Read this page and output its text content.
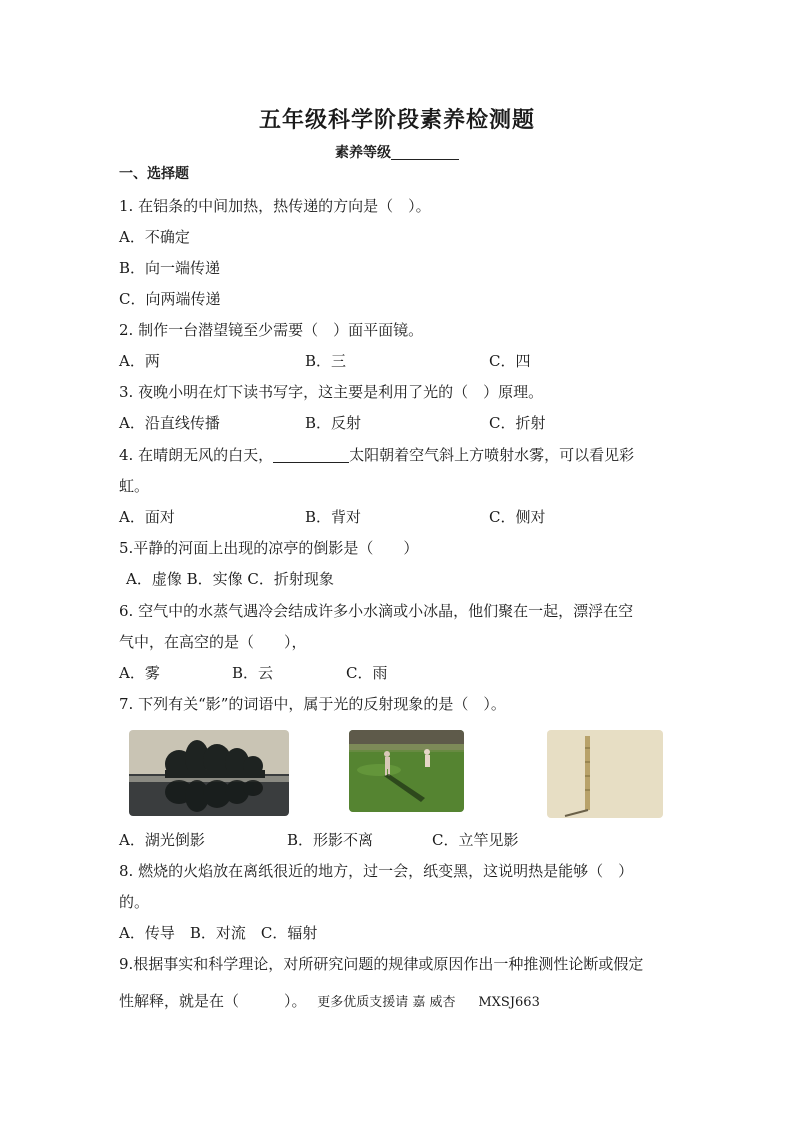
五年级科学阶段素养检测题
素养等级
一、选择题
1. 在铝条的中间加热，热传递的方向是（　）。
A．不确定
B．向一端传递
C．向两端传递
2. 制作一台潜望镜至少需要（　）面平面镜。
A．两	B．三	C．四
3. 夜晚小明在灯下读书写字，这主要是利用了光的（　）原理。
A．沿直线传播	B．反射	C．折射
4. 在晴朗无风的白天，	太阳朝着空气斜上方喷射水雾，可以看见彩
虹。
A．面对	B．背对	C．侧对
5.平静的河面上出现的凉亭的倒影是（　　）
A．虚像 B．实像 C．折射现象
6. 空气中的水蒸气遇冷会结成许多小水滴或小冰晶，他们聚在一起，漂浮在空
气中，在高空的是（　　），
A．雾	B．云	C．雨
7. 下列有关“影”的词语中，属于光的反射现象的是（　）。
A．湖光倒影	B．形影不离	C．立竿见影
8. 燃烧的火焰放在离纸很近的地方，过一会，纸变黑，这说明热是能够（　）
的。
A．传导　B．对流　C．辐射
9.根据事实和科学理论，对所研究问题的规律或原因作出一种推测性论断或假定
性解释，就是在（　　　）。 更多优质支援请 嘉 威杏 MXSJ663
